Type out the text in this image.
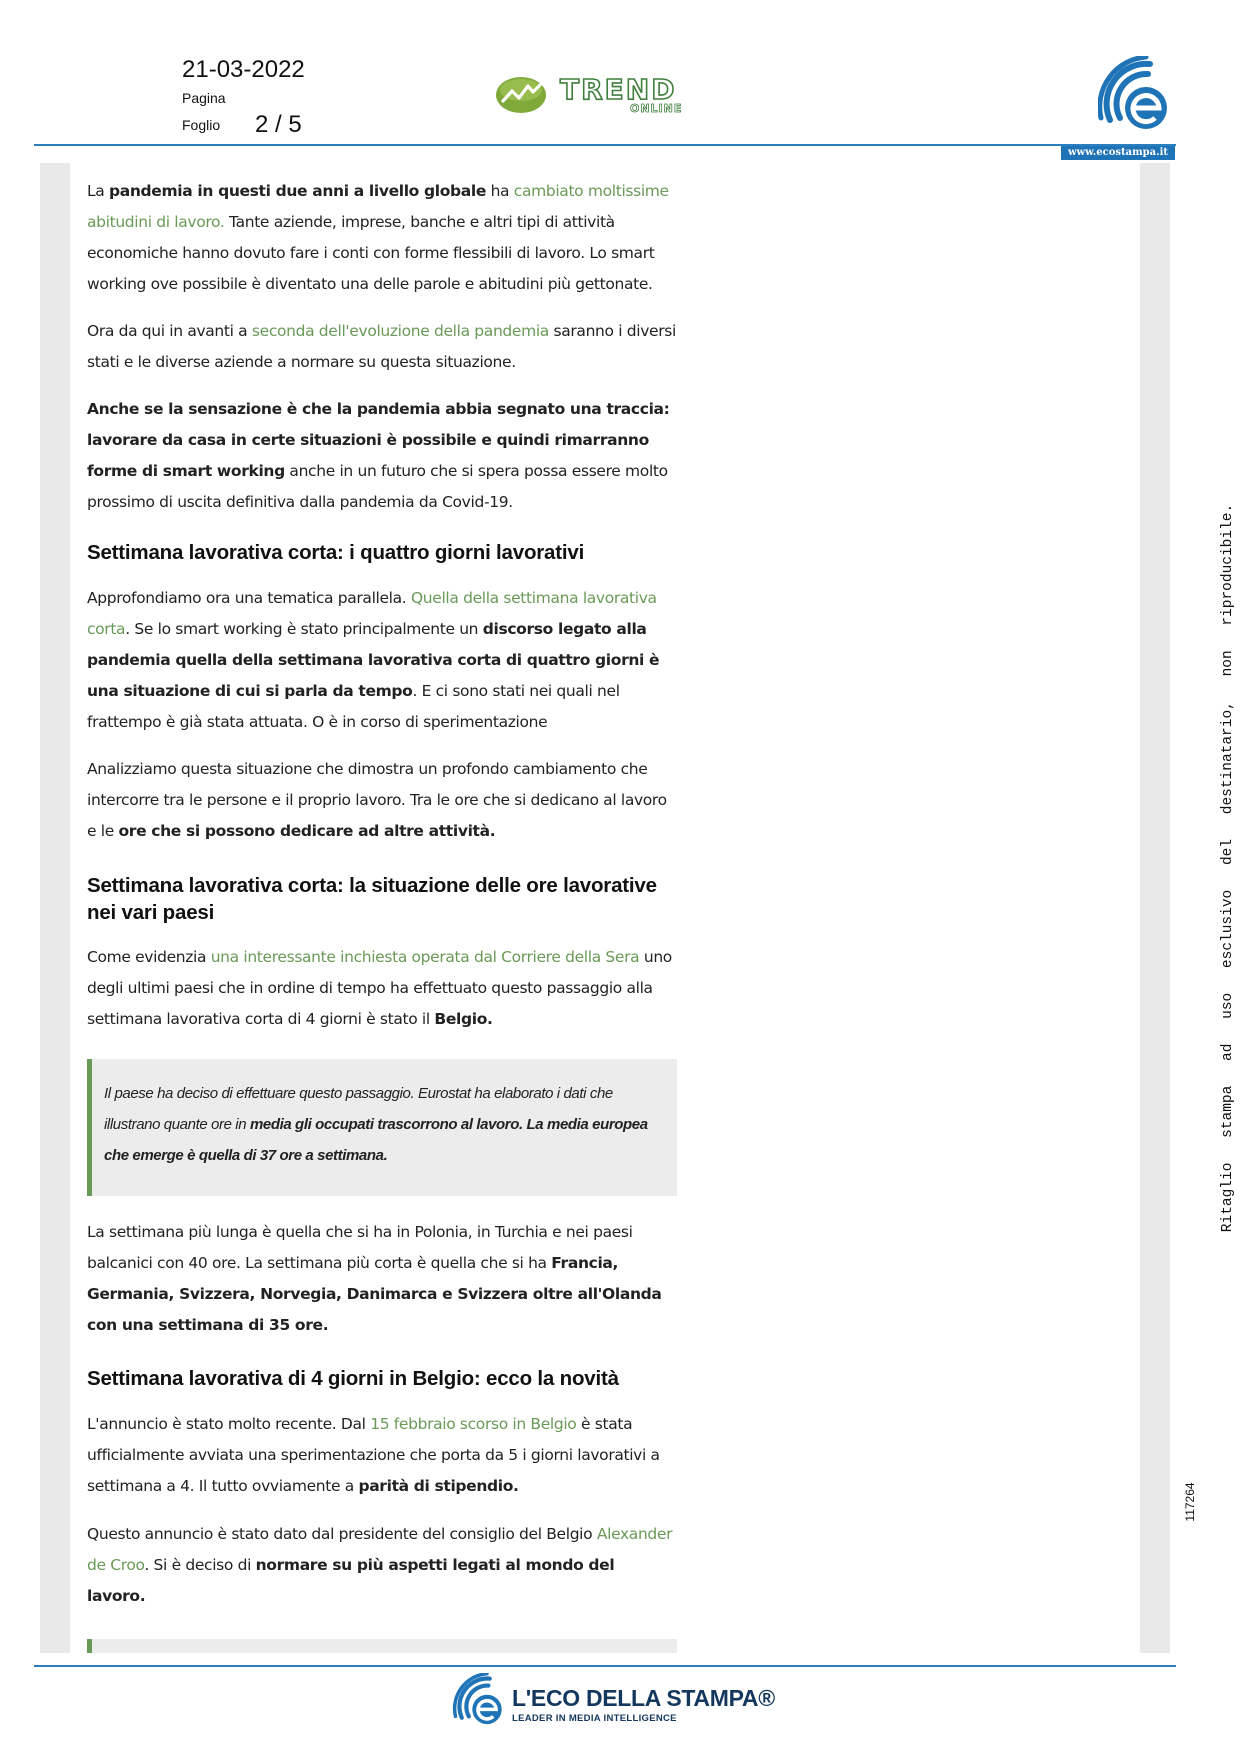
21-03-2022
Pagina
Foglio 2 / 5
TREND
ONLINE
www.ecostampa.it

La pandemia in questi due anni a livello globale ha cambiato moltissime abitudini di lavoro. Tante aziende, imprese, banche e altri tipi di attività economiche hanno dovuto fare i conti con forme flessibili di lavoro. Lo smart working ove possibile è diventato una delle parole e abitudini più gettonate.

Ora da qui in avanti a seconda dell'evoluzione della pandemia saranno i diversi stati e le diverse aziende a normare su questa situazione.

Anche se la sensazione è che la pandemia abbia segnato una traccia: lavorare da casa in certe situazioni è possibile e quindi rimarranno forme di smart working anche in un futuro che si spera possa essere molto prossimo di uscita definitiva dalla pandemia da Covid-19.

Settimana lavorativa corta: i quattro giorni lavorativi

Approfondiamo ora una tematica parallela. Quella della settimana lavorativa corta. Se lo smart working è stato principalmente un discorso legato alla pandemia quella della settimana lavorativa corta di quattro giorni è una situazione di cui si parla da tempo. E ci sono stati nei quali nel frattempo è già stata attuata. O è in corso di sperimentazione

Analizziamo questa situazione che dimostra un profondo cambiamento che intercorre tra le persone e il proprio lavoro. Tra le ore che si dedicano al lavoro e le ore che si possono dedicare ad altre attività.

Settimana lavorativa corta: la situazione delle ore lavorative nei vari paesi

Come evidenzia una interessante inchiesta operata dal Corriere della Sera uno degli ultimi paesi che in ordine di tempo ha effettuato questo passaggio alla settimana lavorativa corta di 4 giorni è stato il Belgio.

Il paese ha deciso di effettuare questo passaggio. Eurostat ha elaborato i dati che illustrano quante ore in media gli occupati trascorrono al lavoro. La media europea che emerge è quella di 37 ore a settimana.

La settimana più lunga è quella che si ha in Polonia, in Turchia e nei paesi balcanici con 40 ore. La settimana più corta è quella che si ha Francia, Germania, Svizzera, Norvegia, Danimarca e Svizzera oltre all'Olanda con una settimana di 35 ore.

Settimana lavorativa di 4 giorni in Belgio: ecco la novità

L'annuncio è stato molto recente. Dal 15 febbraio scorso in Belgio è stata ufficialmente avviata una sperimentazione che porta da 5 i giorni lavorativi a settimana a 4. Il tutto ovviamente a parità di stipendio.

Questo annuncio è stato dato dal presidente del consiglio del Belgio Alexander de Croo. Si è deciso di normare su più aspetti legati al mondo del lavoro.

Ritaglio stampa ad uso esclusivo del destinatario, non riproducibile.
117264
L'ECO DELLA STAMPA®
LEADER IN MEDIA INTELLIGENCE
